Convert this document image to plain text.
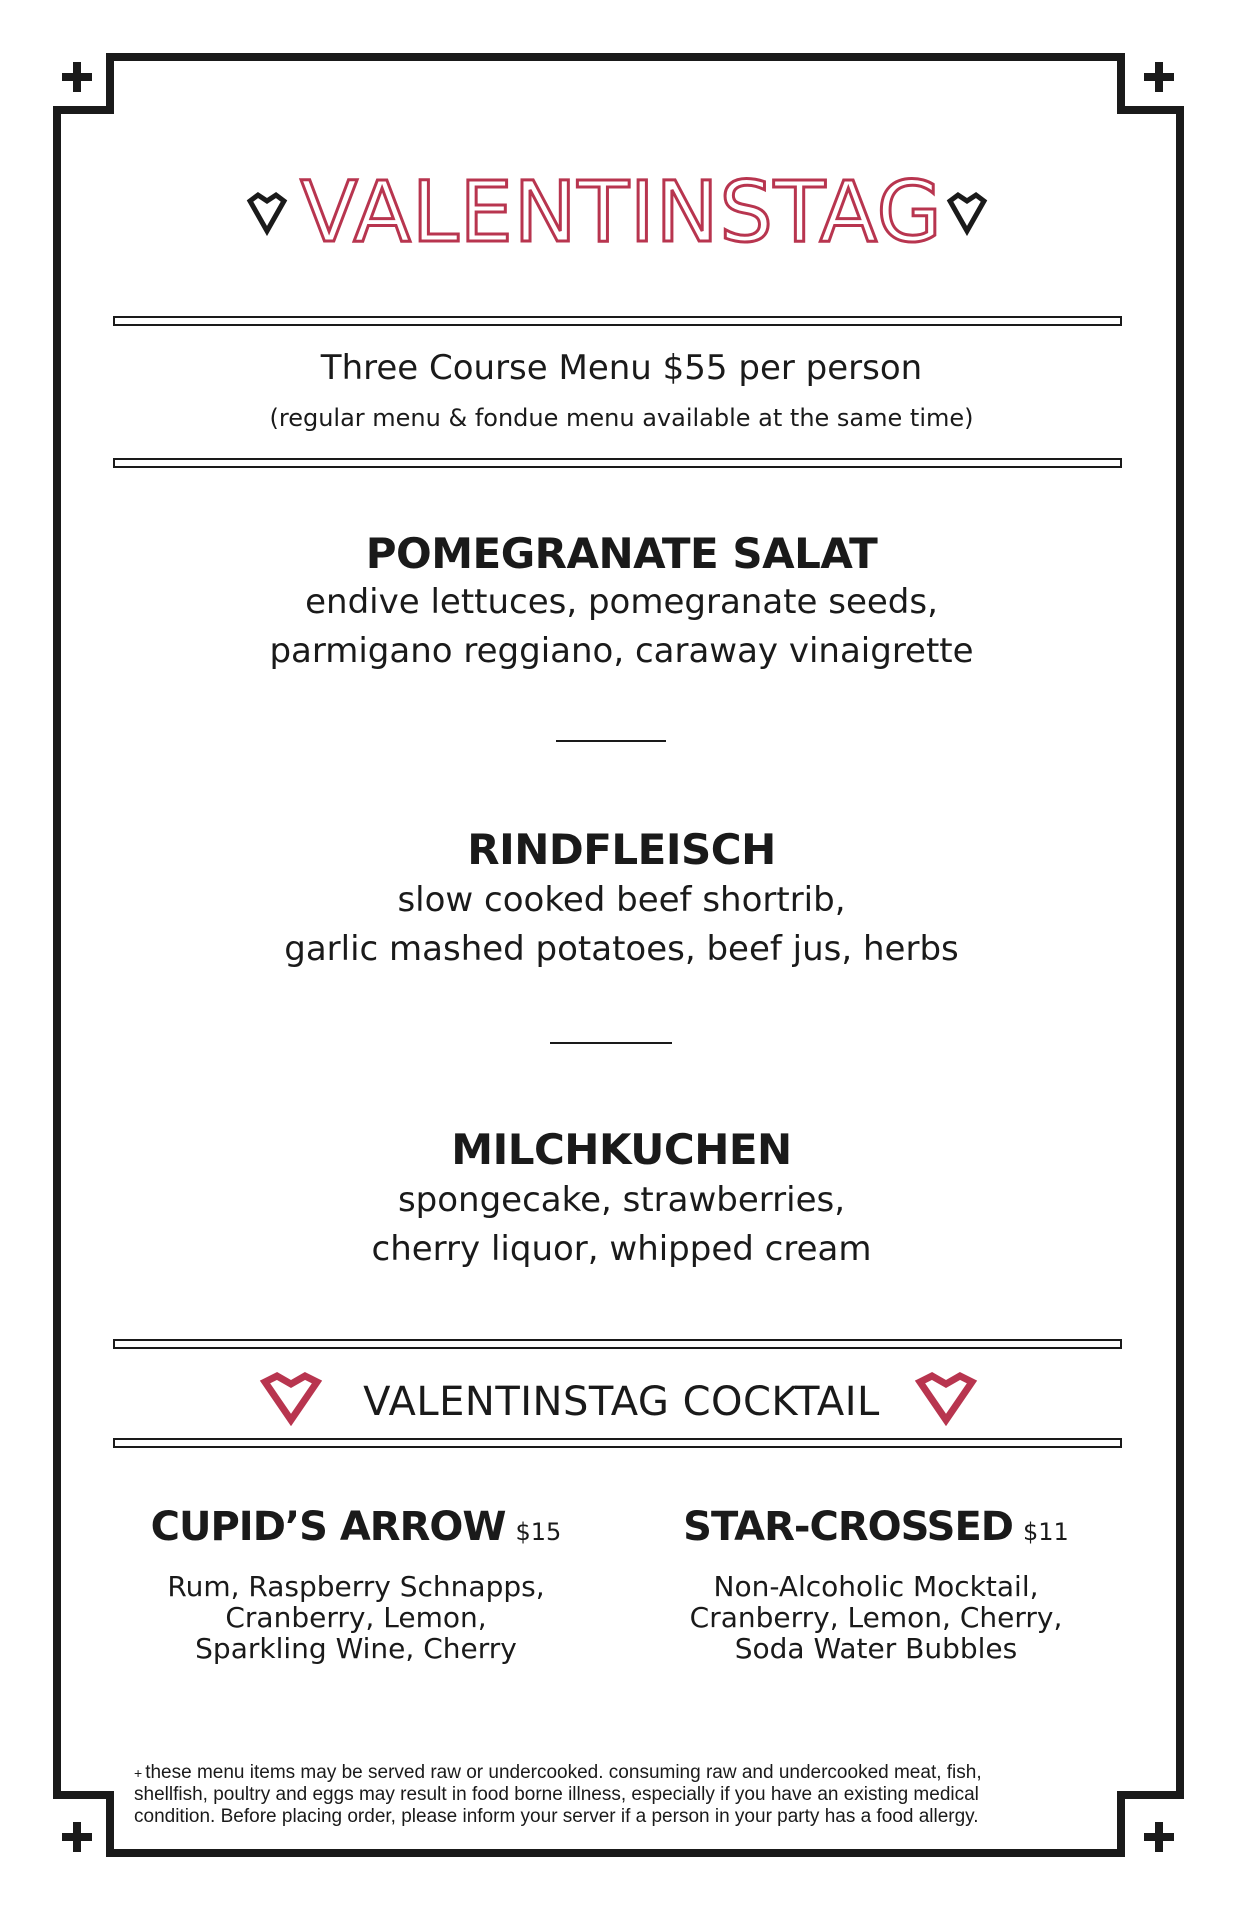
VALENTINSTAG
Three Course Menu $55 per person
(regular menu & fondue menu available at the same time)
POMEGRANATE SALAT
endive lettuces, pomegranate seeds,
parmigano reggiano, caraway vinaigrette
RINDFLEISCH
slow cooked beef shortrib,
garlic mashed potatoes, beef jus, herbs
MILCHKUCHEN
spongecake, strawberries,
cherry liquor, whipped cream
VALENTINSTAG COCKTAIL
CUPID’S ARROW $15
Rum, Raspberry Schnapps,
Cranberry, Lemon,
Sparkling Wine, Cherry
STAR-CROSSED $11
Non-Alcoholic Mocktail,
Cranberry, Lemon, Cherry,
Soda Water Bubbles
+ these menu items may be served raw or undercooked. consuming raw and undercooked meat, fish,
shellfish, poultry and eggs may result in food borne illness, especially if you have an existing medical
condition. Before placing order, please inform your server if a person in your party has a food allergy.
